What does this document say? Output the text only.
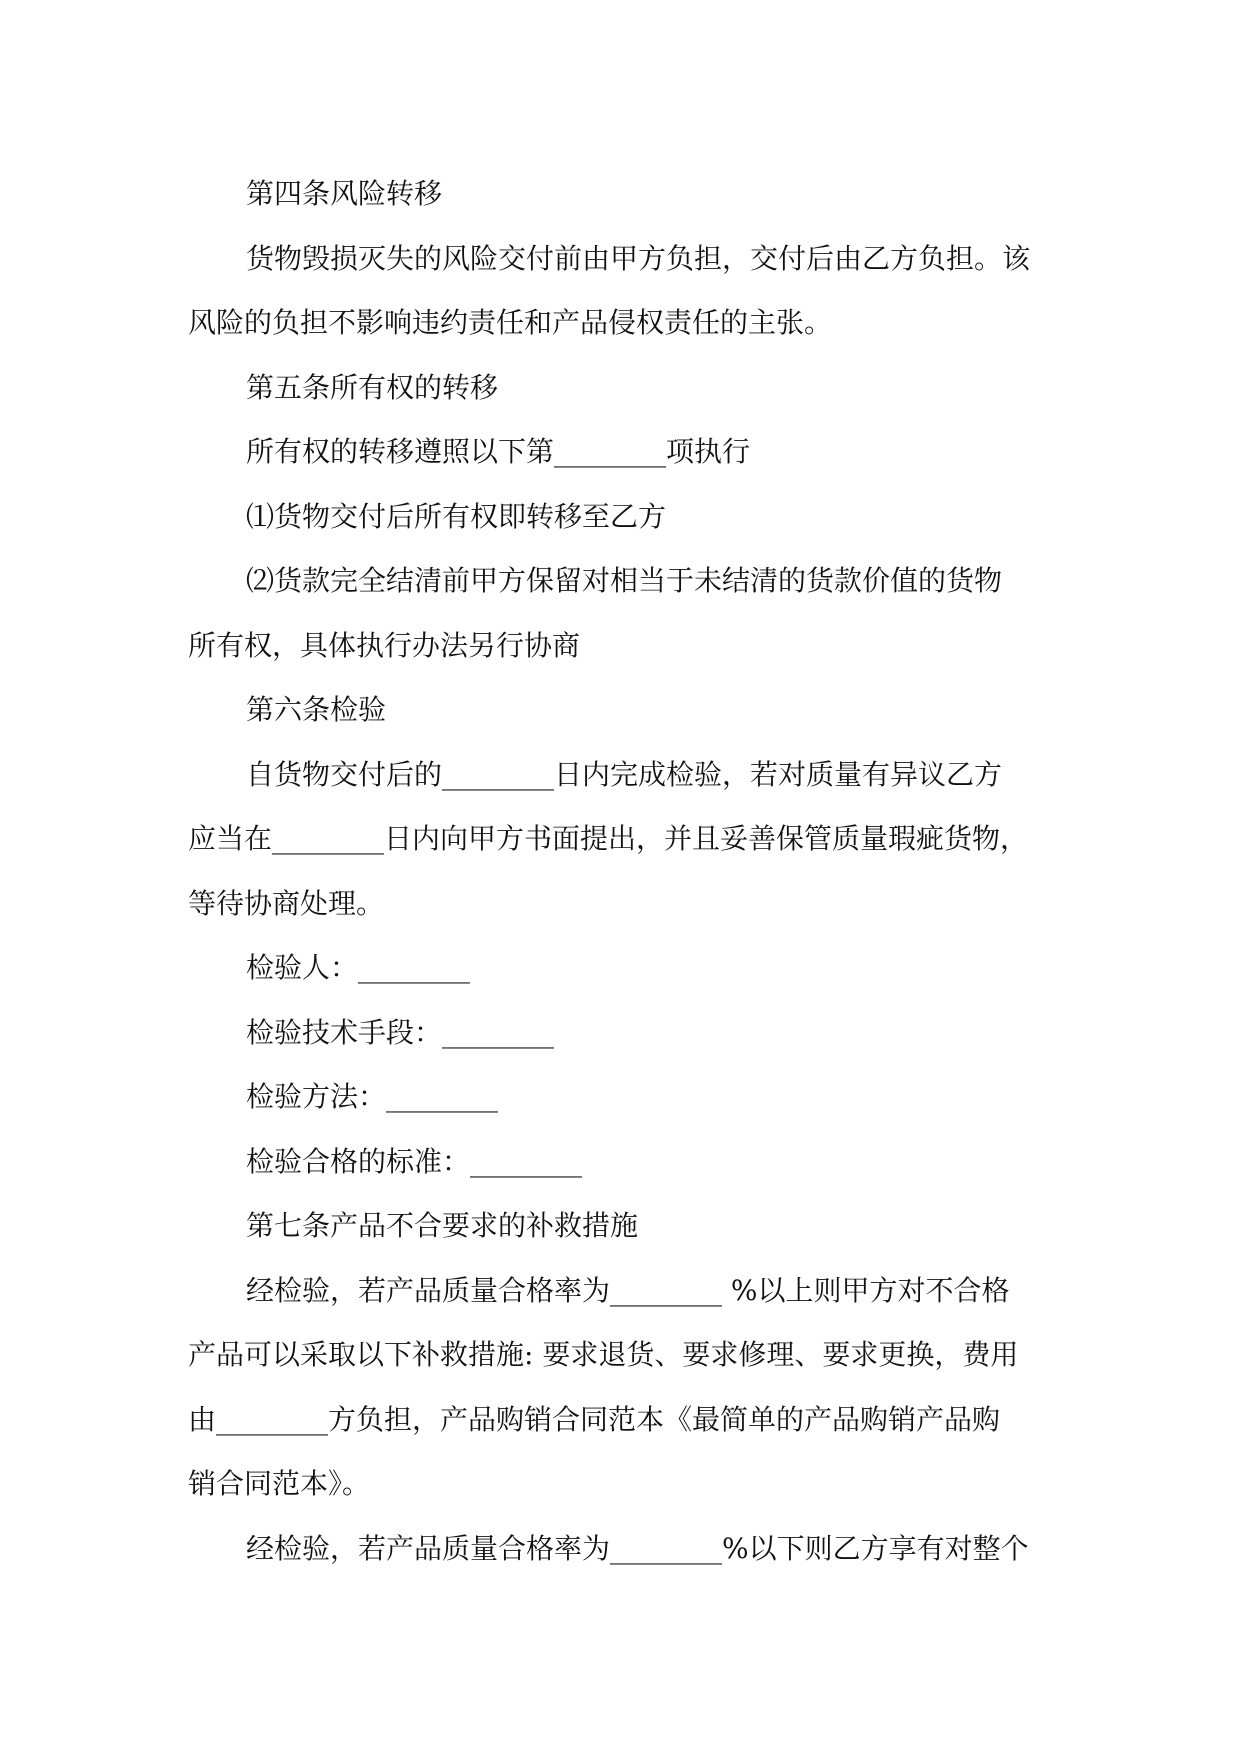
第四条风险转移
货物毁损灭失的风险交付前由甲方负担，交付后由乙方负担。该
风险的负担不影响违约责任和产品侵权责任的主张。
第五条所有权的转移
所有权的转移遵照以下第________项执行
⑴货物交付后所有权即转移至乙方
⑵货款完全结清前甲方保留对相当于未结清的货款价值的货物
所有权，具体执行办法另行协商
第六条检验
自货物交付后的________日内完成检验，若对质量有异议乙方
应当在________日内向甲方书面提出，并且妥善保管质量瑕疵货物，
等待协商处理。
检验人：________
检验技术手段：________
检验方法：________
检验合格的标准：________
第七条产品不合要求的补救措施
经检验，若产品质量合格率为________ %以上则甲方对不合格
产品可以采取以下补救措施: 要求退货、要求修理、要求更换，费用
由________方负担，产品购销合同范本《最简单的产品购销产品购
销合同范本》。
经检验，若产品质量合格率为________%以下则乙方享有对整个
